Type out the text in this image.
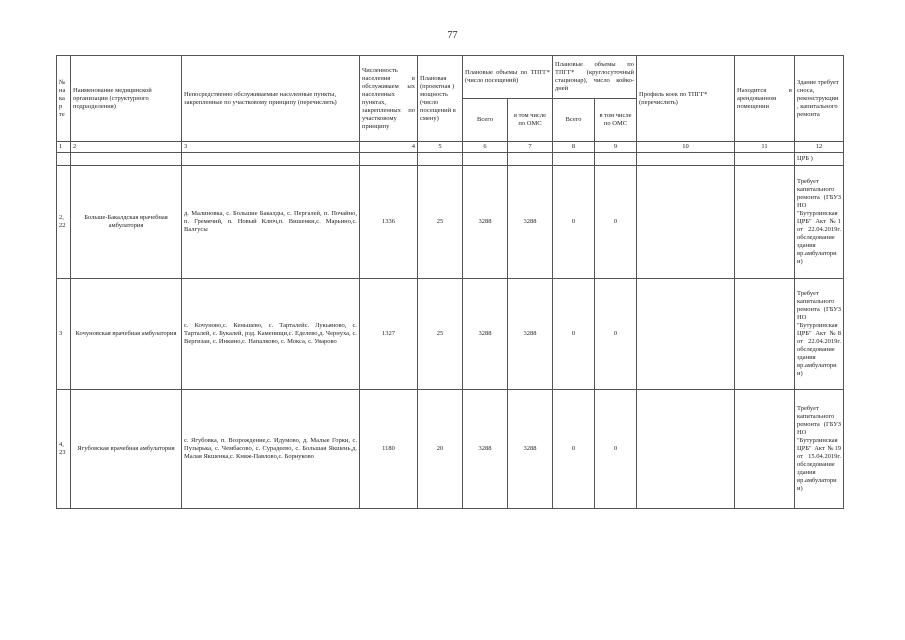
77
№ на кар те	Наименование медицинской организации (структурного подразделения)	Непосредственно обслуживаемые населенные пункты, закрепленные по участковому принципу (перечислить)	Численность населения в обслуживаем ых населенных пунктах, закрепленных по участковому принципу	Плановая (проектная ) мощность (число посещений в смену)	Плановые объемы по ТПГГ* (число посещений)		Плановые объемы по ТПГГ* (круглосуточный стационар), число койко-дней		Профиль коек по ТПГГ* (перечислить)	Находится в арендованном помещении	Здание требует сноса, реконструкции , капитального ремонта
					Всего	в том числе по ОМС	Всего	в том числе по ОМС			
1	2	3	4	5	6	7	8	9	10	11	12
											ЦРБ )
2, 22	Больше-Бакалдская врачебная амбулатория	д. Малиновка, с. Большие Бакалды, с. Пергалей, п. Почайно, п. Гремячий, п. Новый Ключ,п. Вишенки,с. Марьино,с. Валгусы	1336	25	3288	3288	0	0			Требует капитального ремонта (ГБУЗ НО "Бутурлинская ЦРБ" Акт №1 от 22.04.2019г. обследование здания вр.амбулатори и)
3	Кочуновская врачебная амбулатория	с. Кочуново,с. Кеньшево, с. Тарталейс. Лукьяново, с. Тарталей, с. Букалей, рзд. Каменищи,с. Еделево,д. Чернуха, с. Вергизаи, с. Инкино,с. Напалково, с. Мокса, с. Уварово	1327	25	3288	3288	0	0			Требует капитального ремонта (ГБУЗ НО "Бутурлинская ЦРБ" Акт №8 от 22.04.2019г. обследование здания вр.амбулатори и)
4, 23	Ягубовская врачебная амбулатория	с. Ягубовка, п. Возрождение,с. Идумово, д. Малые Горки, с. Пузырька, с. Чембасово, с. Сурадеево, с. Большая Якшень,д. Малая Якшенка,с. Княж-Павлово,с. Борнуково	1180	20	3288	3288	0	0			Требует капитального ремонта (ГБУЗ НО "Бутурлинская ЦРБ" Акт №19 от 15.04.2019г. обследование здания вр.амбулатори и)
